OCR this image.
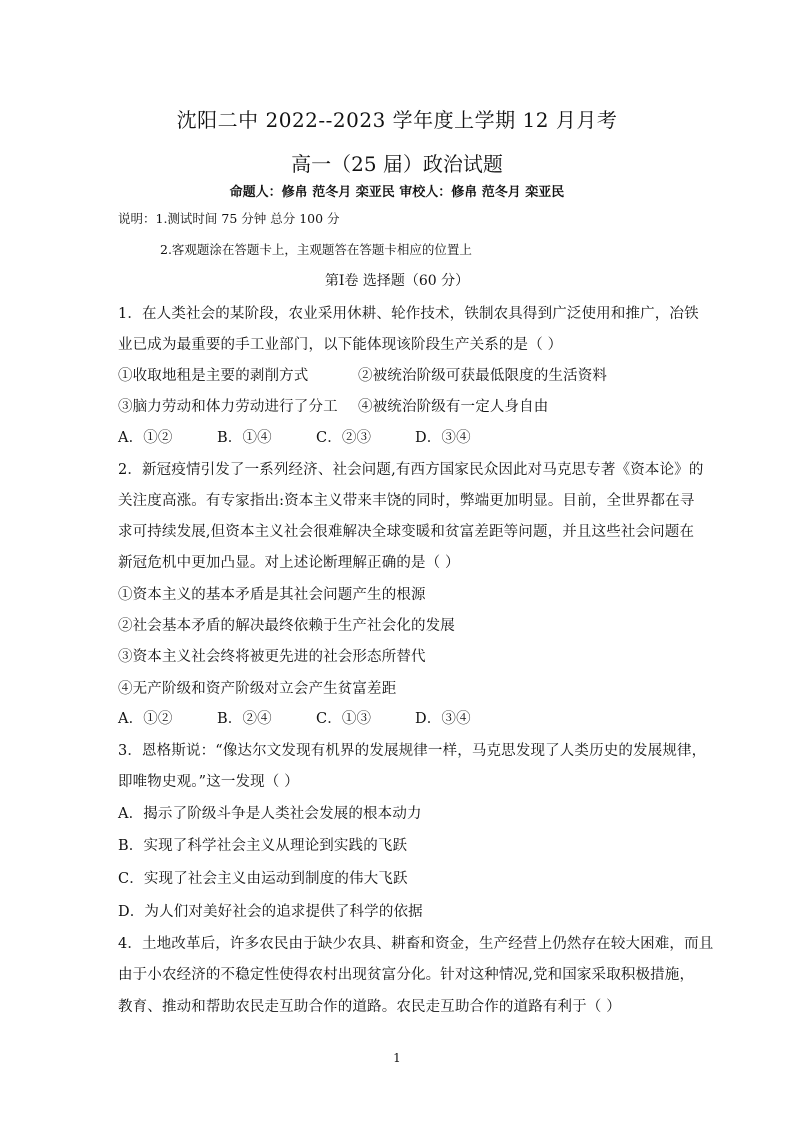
沈阳二中 2022--2023 学年度上学期 12 月月考
高一（25 届）政治试题
命题人：修帛 范冬月 栾亚民 审校人：修帛 范冬月 栾亚民
说明：1.测试时间 75 分钟 总分 100 分
2.客观题涂在答题卡上，主观题答在答题卡相应的位置上
第Ⅰ卷 选择题（60 分）
1．在人类社会的某阶段，农业采用休耕、轮作技术，铁制农具得到广泛使用和推广，冶铁
业已成为最重要的手工业部门，以下能体现该阶段生产关系的是（ ）
①收取地租是主要的剥削方式	②被统治阶级可获最低限度的生活资料
③脑力劳动和体力劳动进行了分工 ④被统治阶级有一定人身自由
A．①②	B．①④	C．②③	D．③④
2．新冠疫情引发了一系列经济、社会问题,有西方国家民众因此对马克思专著《资本论》的
关注度高涨。有专家指出:资本主义带来丰饶的同时，弊端更加明显。目前，全世界都在寻
求可持续发展,但资本主义社会很难解决全球变暖和贫富差距等问题，并且这些社会问题在
新冠危机中更加凸显。对上述论断理解正确的是（ ）
①资本主义的基本矛盾是其社会问题产生的根源
②社会基本矛盾的解决最终依赖于生产社会化的发展
③资本主义社会终将被更先进的社会形态所替代
④无产阶级和资产阶级对立会产生贫富差距
A．①②	B．②④	C．①③	D．③④
3．恩格斯说：“像达尔文发现有机界的发展规律一样，马克思发现了人类历史的发展规律，
即唯物史观。”这一发现（ ）
A．揭示了阶级斗争是人类社会发展的根本动力
B．实现了科学社会主义从理论到实践的飞跃
C．实现了社会主义由运动到制度的伟大飞跃
D．为人们对美好社会的追求提供了科学的依据
4．土地改革后，许多农民由于缺少农具、耕畜和资金，生产经营上仍然存在较大困难，而且
由于小农经济的不稳定性使得农村出现贫富分化。针对这种情况,党和国家采取积极措施，
教育、推动和帮助农民走互助合作的道路。农民走互助合作的道路有利于（ ）
1
